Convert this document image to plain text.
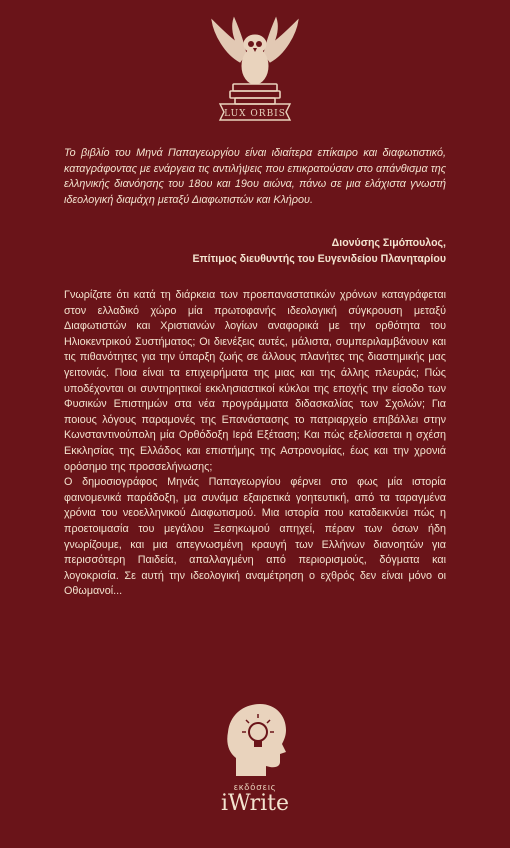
LUX ORBIS

Το βιβλίο του Μηνά Παπαγεωργίου είναι ιδιαίτερα επίκαιρο και διαφωτιστικό, καταγράφοντας με ενάργεια τις αντιλήψεις που επικρατούσαν στο απάνθισμα της ελληνικής διανόησης του 18ου και 19ου αιώνα, πάνω σε μια ελάχιστα γνωστή ιδεολογική διαμάχη μεταξύ Διαφωτιστών και Κλήρου.

Διονύσης Σιμόπουλος,
Επίτιμος διευθυντής του Ευγενιδείου Πλανηταρίου

Γνωρίζατε ότι κατά τη διάρκεια των προεπαναστατικών χρόνων καταγράφεται στον ελλαδικό χώρο μία πρωτοφανής ιδεολογική σύγκρουση μεταξύ Διαφωτιστών και Χριστιανών λογίων αναφορικά με την ορθότητα του Ηλιοκεντρικού Συστήματος; Οι διενέξεις αυτές, μάλιστα, συμπεριλαμβάνουν και τις πιθανότητες για την ύπαρξη ζωής σε άλλους πλανήτες της διαστημικής μας γειτονιάς. Ποια είναι τα επιχειρήματα της μιας και της άλλης πλευράς; Πώς υποδέχονται οι συντηρητικοί εκκλησιαστικοί κύκλοι της εποχής την είσοδο των Φυσικών Επιστημών στα νέα προγράμματα διδασκαλίας των Σχολών; Για ποιους λόγους παραμονές της Επανάστασης το πατριαρχείο επιβάλλει στην Κωνσταντινούπολη μία Ορθόδοξη Ιερά Εξέταση; Και πώς εξελίσσεται η σχέση Εκκλησίας της Ελλάδος και επιστήμης της Αστρονομίας, έως και την χρονιά ορόσημο της προσσελήνωσης;

Ο δημοσιογράφος Μηνάς Παπαγεωργίου φέρνει στο φως μία ιστορία φαινομενικά παράδοξη, μα συνάμα εξαιρετικά γοητευτική, από τα ταραγμένα χρόνια του νεοελληνικού Διαφωτισμού. Μια ιστορία που καταδεικνύει πώς η προετοιμασία του μεγάλου Ξεσηκωμού απηχεί, πέραν των όσων ήδη γνωρίζουμε, και μια απεγνωσμένη κραυγή των Ελλήνων διανοητών για περισσότερη Παιδεία, απαλλαγμένη από περιορισμούς, δόγματα και λογοκρισία. Σε αυτή την ιδεολογική αναμέτρηση ο εχθρός δεν είναι μόνο οι Οθωμανοί...

εκδόσεις
iWrite
